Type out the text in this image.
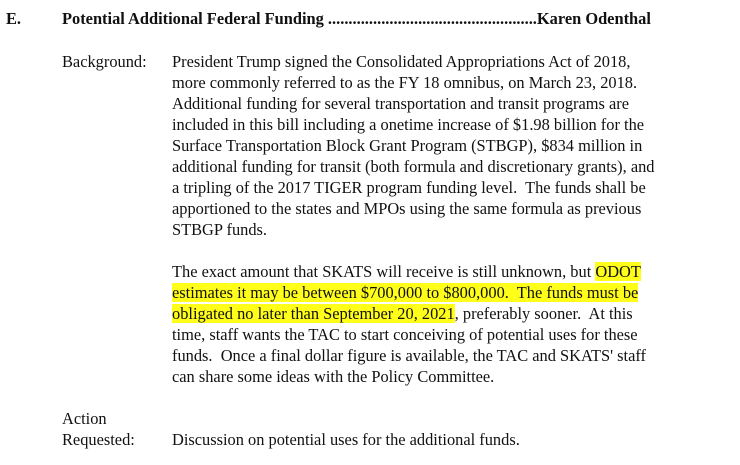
E. Potential Additional Federal Funding ...................................................Karen Odenthal
Background: President Trump signed the Consolidated Appropriations Act of 2018,
more commonly referred to as the FY 18 omnibus, on March 23, 2018.
Additional funding for several transportation and transit programs are
included in this bill including a onetime increase of $1.98 billion for the
Surface Transportation Block Grant Program (STBGP), $834 million in
additional funding for transit (both formula and discretionary grants), and
a tripling of the 2017 TIGER program funding level.  The funds shall be
apportioned to the states and MPOs using the same formula as previous
STBGP funds.
The exact amount that SKATS will receive is still unknown, but ODOT
estimates it may be between $700,000 to $800,000.  The funds must be
obligated no later than September 20, 2021, preferably sooner.  At this
time, staff wants the TAC to start conceiving of potential uses for these
funds.  Once a final dollar figure is available, the TAC and SKATS' staff
can share some ideas with the Policy Committee.
Action
Requested: Discussion on potential uses for the additional funds.
